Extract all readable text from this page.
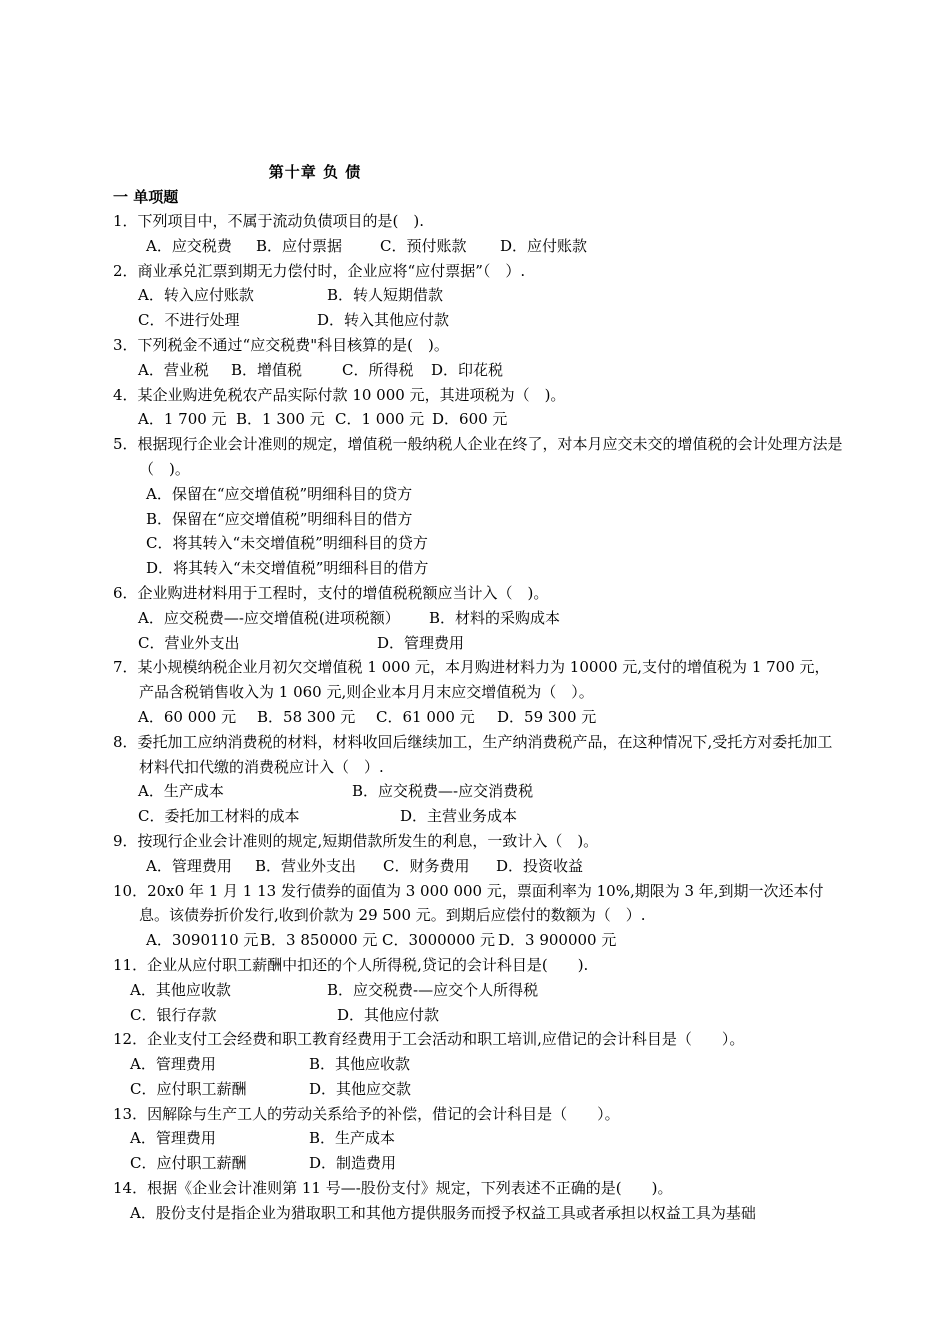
第十章 负 债
一 单项题
1．下列项目中，不属于流动负债项目的是(　).
A．应交税费 B．应付票据	C．预付账款 D．应付账款
2．商业承兑汇票到期无力偿付时，企业应将“应付票据”（　）.
A．转入应付账款	B．转人短期借款
C．不进行处理	D．转入其他应付款
3．下列税金不通过“应交税费"科目核算的是(　)。
A．营业税 B．增值税	C．所得税 D．印花税
4．某企业购进免税农产品实际付款 10 000 元，其进项税为（　)。
A．1 700 元 B．1 300 元 C．1 000 元 D．600 元
5．根据现行企业会计准则的规定，增值税一般纳税人企业在终了，对本月应交未交的增值税的会计处理方法是（　)。
A．保留在“应交增值税”明细科目的贷方
B．保留在“应交增值税”明细科目的借方
C．将其转入“未交增值税”明细科目的贷方
D．将其转入“未交增值税”明细科目的借方
6．企业购进材料用于工程时，支付的增值税税额应当计入（　)。
A．应交税费—-应交增值税(进项税额） B．材料的采购成本
C．营业外支出	D．管理费用
7．某小规模纳税企业月初欠交增值税 1 000 元，本月购进材料力为 10000 元,支付的增值税为 1 700 元，产品含税销售收入为 1 060 元,则企业本月月末应交增值税为（　）。
A．60 000 元 B．58 300 元 C．61 000 元 D．59 300 元
8．委托加工应纳消费税的材料，材料收回后继续加工，生产纳消费税产品，在这种情况下,受托方对委托加工材料代扣代缴的消费税应计入（　）.
A．生产成本	B．应交税费—-应交消费税
C．委托加工材料的成本	D．主营业务成本
9．按现行企业会计准则的规定,短期借款所发生的利息，一致计入（　)。
A．管理费用 B．营业外支出 C．财务费用 D．投资收益
10．20x0 年 1 月 1 13 发行债券的面值为 3 000 000 元，票面利率为 10%,期限为 3 年,到期一次还本付息。该债券折价发行,收到价款为 29 500 元。到期后应偿付的数额为（　）.
A．3090110 元 B．3 850000 元 C．3000000 元 D．3 900000 元
11．企业从应付职工薪酬中扣还的个人所得税,贷记的会计科目是(　　).
A．其他应收款	B．应交税费-—应交个人所得税
C．银行存款	D．其他应付款
12．企业支付工会经费和职工教育经费用于工会活动和职工培训,应借记的会计科目是（　　）。
A．管理费用	B．其他应收款
C．应付职工薪酬	D．其他应交款
13．因解除与生产工人的劳动关系给予的补偿，借记的会计科目是（　　）。
A．管理费用	B．生产成本
C．应付职工薪酬	D．制造费用
14．根据《企业会计准则第 11 号—-股份支付》规定，下列表述不正确的是(　　)。
A．股份支付是指企业为猎取职工和其他方提供服务而授予权益工具或者承担以权益工具为基础
